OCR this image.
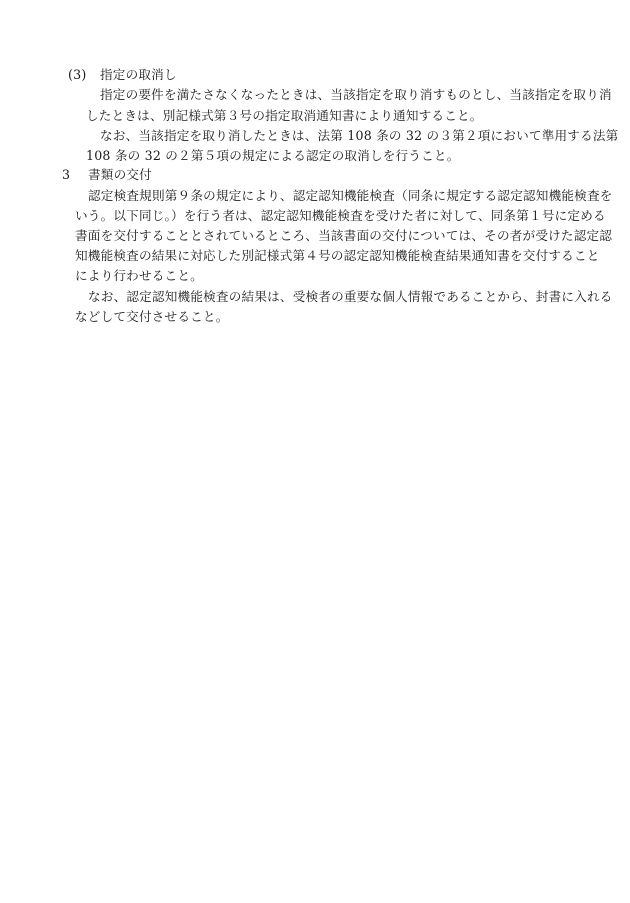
(3) 指定の取消し
指定の要件を満たさなくなったときは、当該指定を取り消すものとし、当該指定を取り消
したときは、別記様式第３号の指定取消通知書により通知すること。
なお、当該指定を取り消したときは、法第 108 条の 32 の３第２項において準用する法第
108 条の 32 の２第５項の規定による認定の取消しを行うこと。
3 書類の交付
認定検査規則第９条の規定により、認定認知機能検査（同条に規定する認定認知機能検査を
いう。以下同じ。）を行う者は、認定認知機能検査を受けた者に対して、同条第１号に定める
書面を交付することとされているところ、当該書面の交付については、その者が受けた認定認
知機能検査の結果に対応した別記様式第４号の認定認知機能検査結果通知書を交付すること
により行わせること。
なお、認定認知機能検査の結果は、受検者の重要な個人情報であることから、封書に入れる
などして交付させること。
